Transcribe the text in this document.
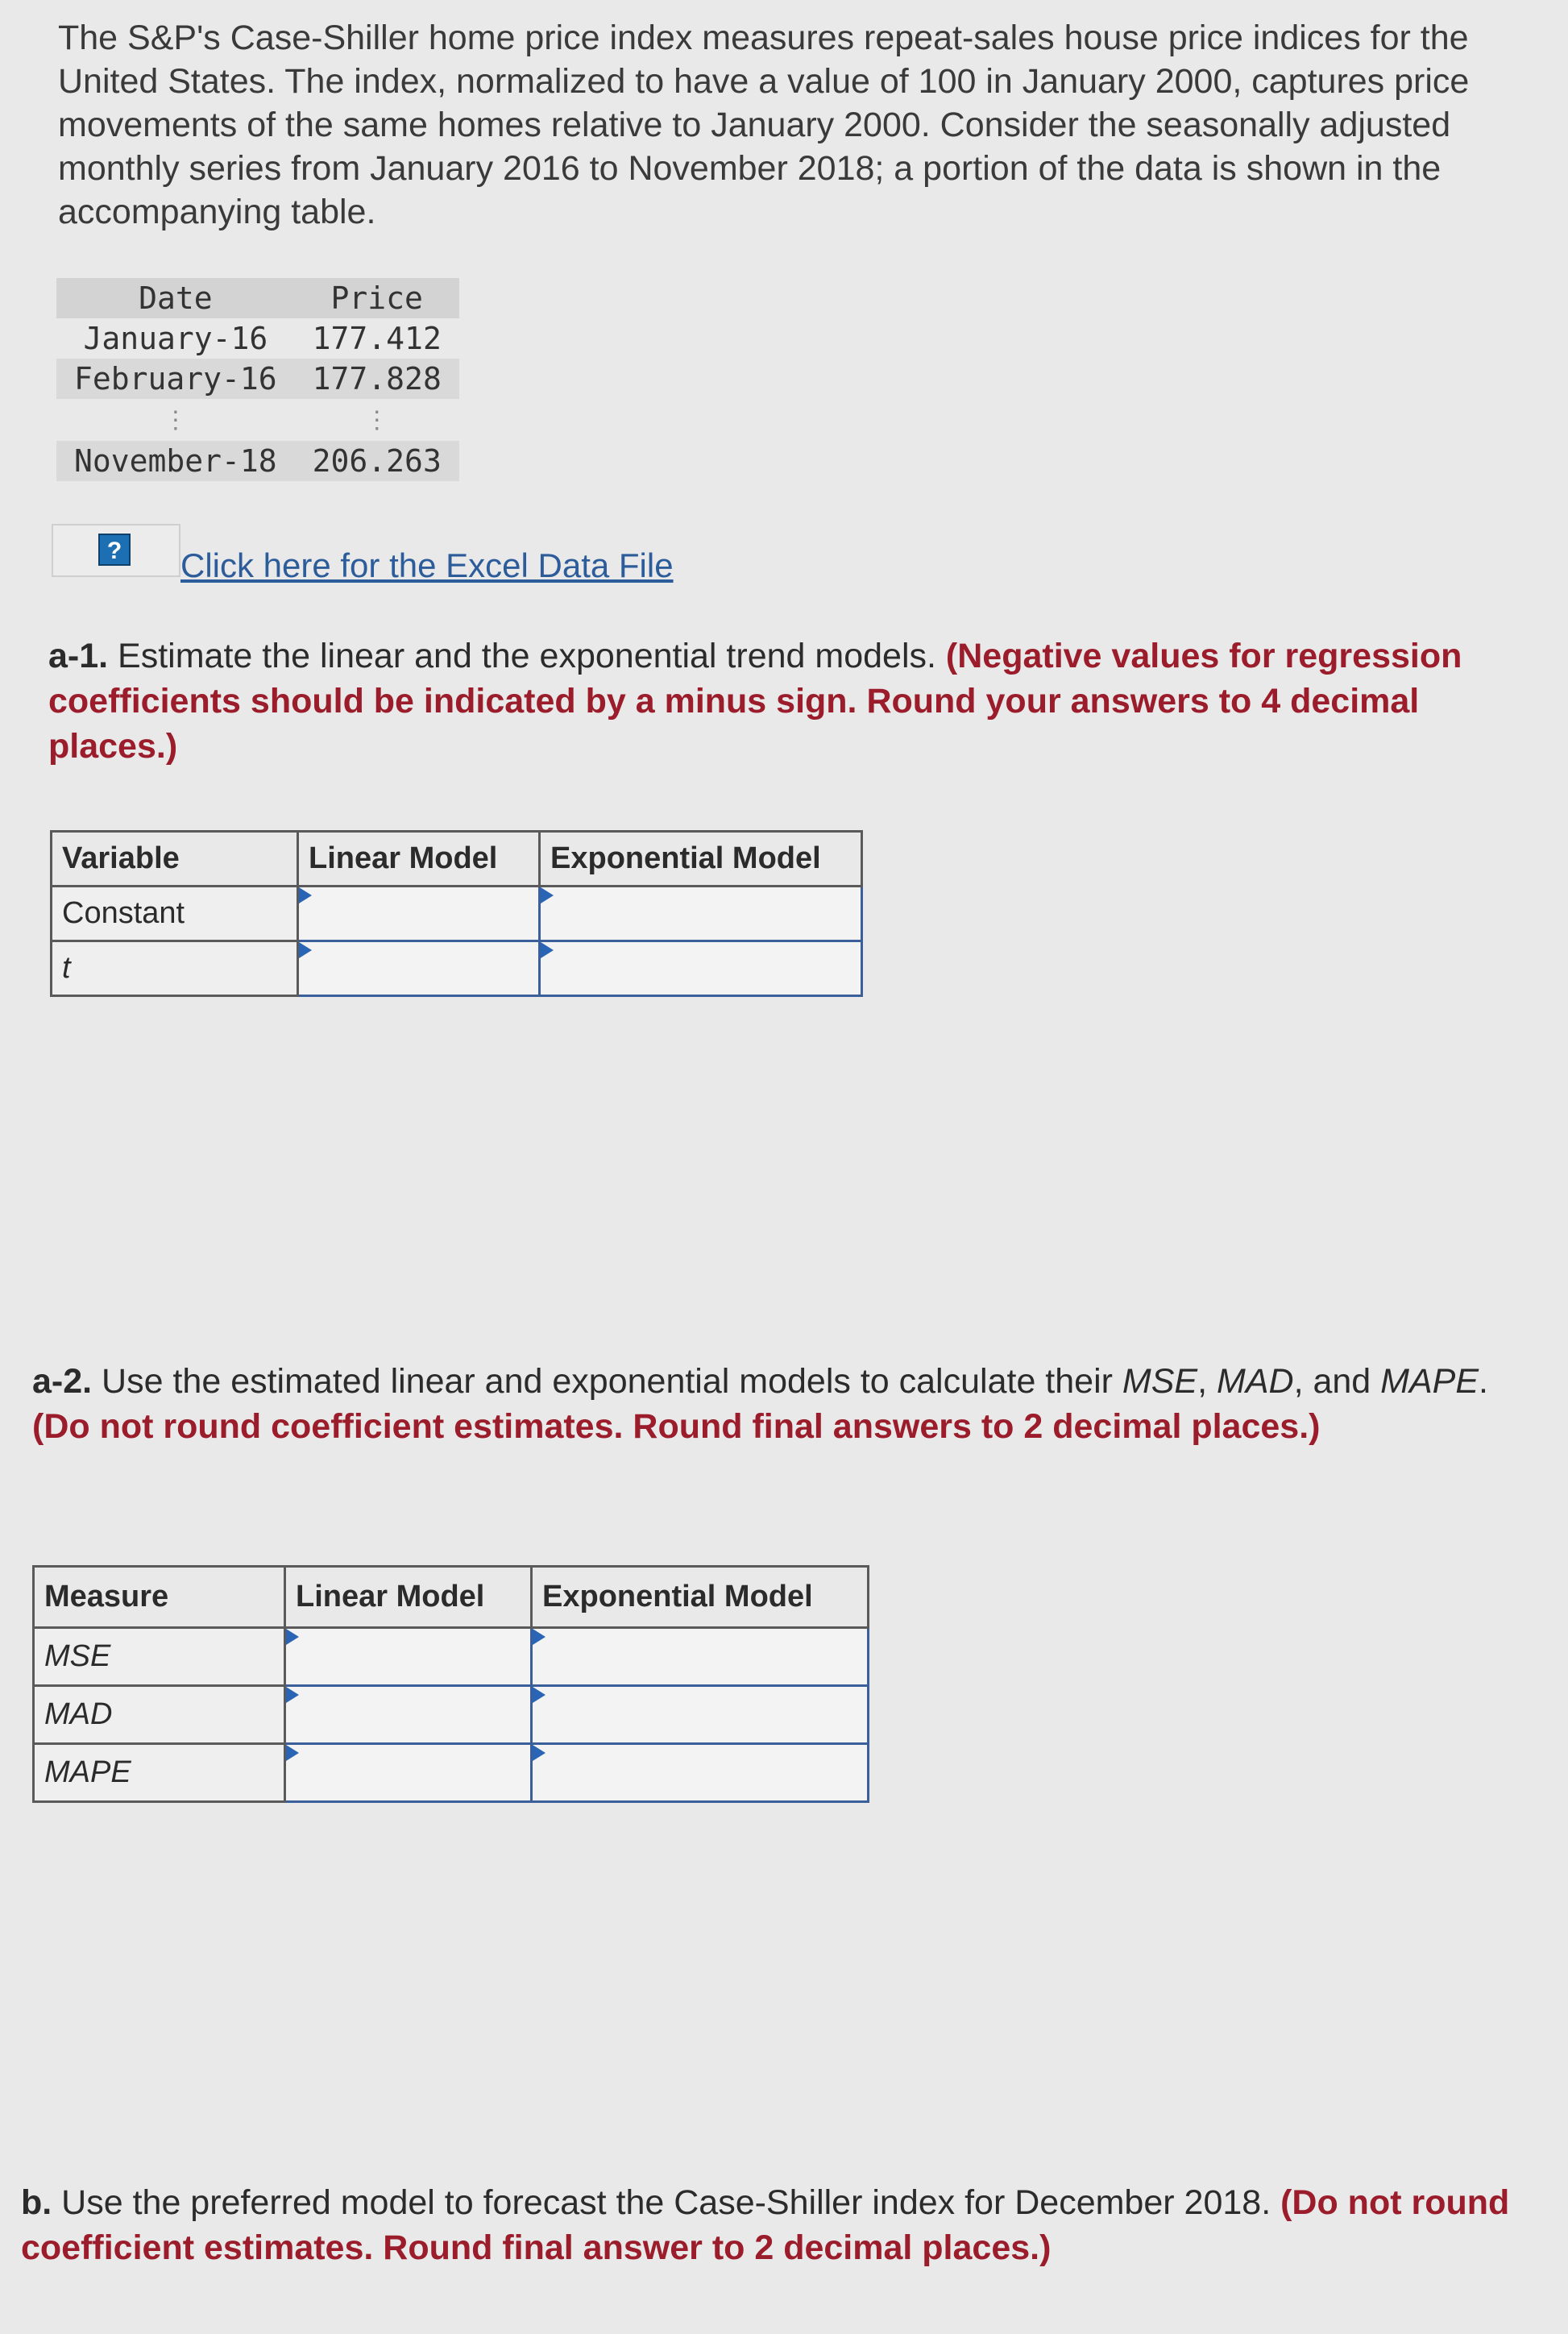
The S&P's Case-Shiller home price index measures repeat-sales house price indices for the United States. The index, normalized to have a value of 100 in January 2000, captures price movements of the same homes relative to January 2000. Consider the seasonally adjusted monthly series from January 2016 to November 2018; a portion of the data is shown in the accompanying table.
Date	Price
January-16	177.412
February-16	177.828
⋮	⋮
November-18	206.263
? Click here for the Excel Data File
a-1. Estimate the linear and the exponential trend models. (Negative values for regression coefficients should be indicated by a minus sign. Round your answers to 4 decimal places.)
Variable	Linear Model	Exponential Model
Constant		
t		
a-2. Use the estimated linear and exponential models to calculate their MSE, MAD, and MAPE. (Do not round coefficient estimates. Round final answers to 2 decimal places.)
Measure	Linear Model	Exponential Model
MSE		
MAD		
MAPE		
b. Use the preferred model to forecast the Case-Shiller index for December 2018. (Do not round coefficient estimates. Round final answer to 2 decimal places.)
